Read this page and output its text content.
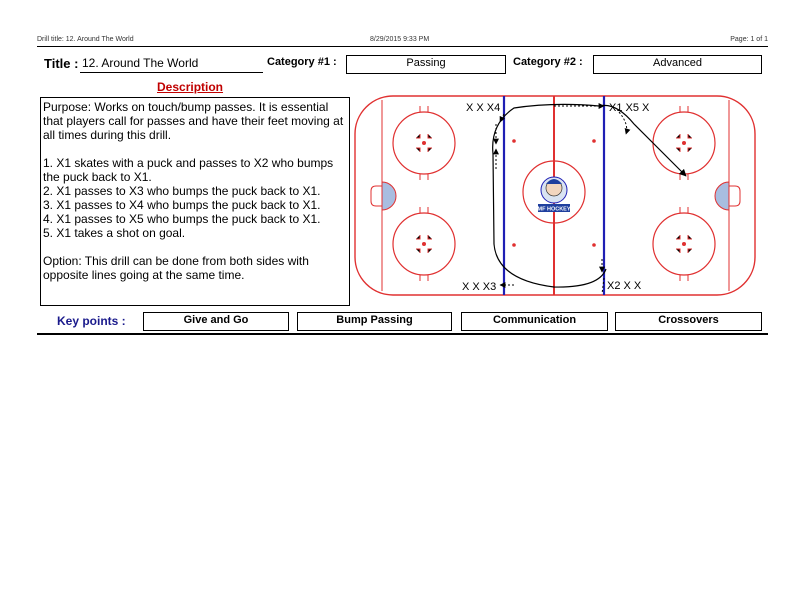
Drill title: 12. Around The World	8/29/2015 9:33 PM	Page: 1 of 1
Title : 12. Around The World	Category #1 :	Passing	Category #2 :	Advanced
Description

Purpose: Works on touch/bump passes. It is essential that players call for passes and have their feet moving at all times during this drill.

1. X1 skates with a puck and passes to X2 who bumps the puck back to X1.

2. X1 passes to X3 who bumps the puck back to X1.

3. X1 passes to X4 who bumps the puck back to X1.

4. X1 passes to X5 who bumps the puck back to X1.

5. X1 takes a shot on goal.

Option: This drill can be done from both sides with opposite lines going at the same time.

MF HOCKEY
X X X4	X1 X5 X
X X X3	X2 X X
Key points :	Give and Go	Bump Passing	Communication	Crossovers
